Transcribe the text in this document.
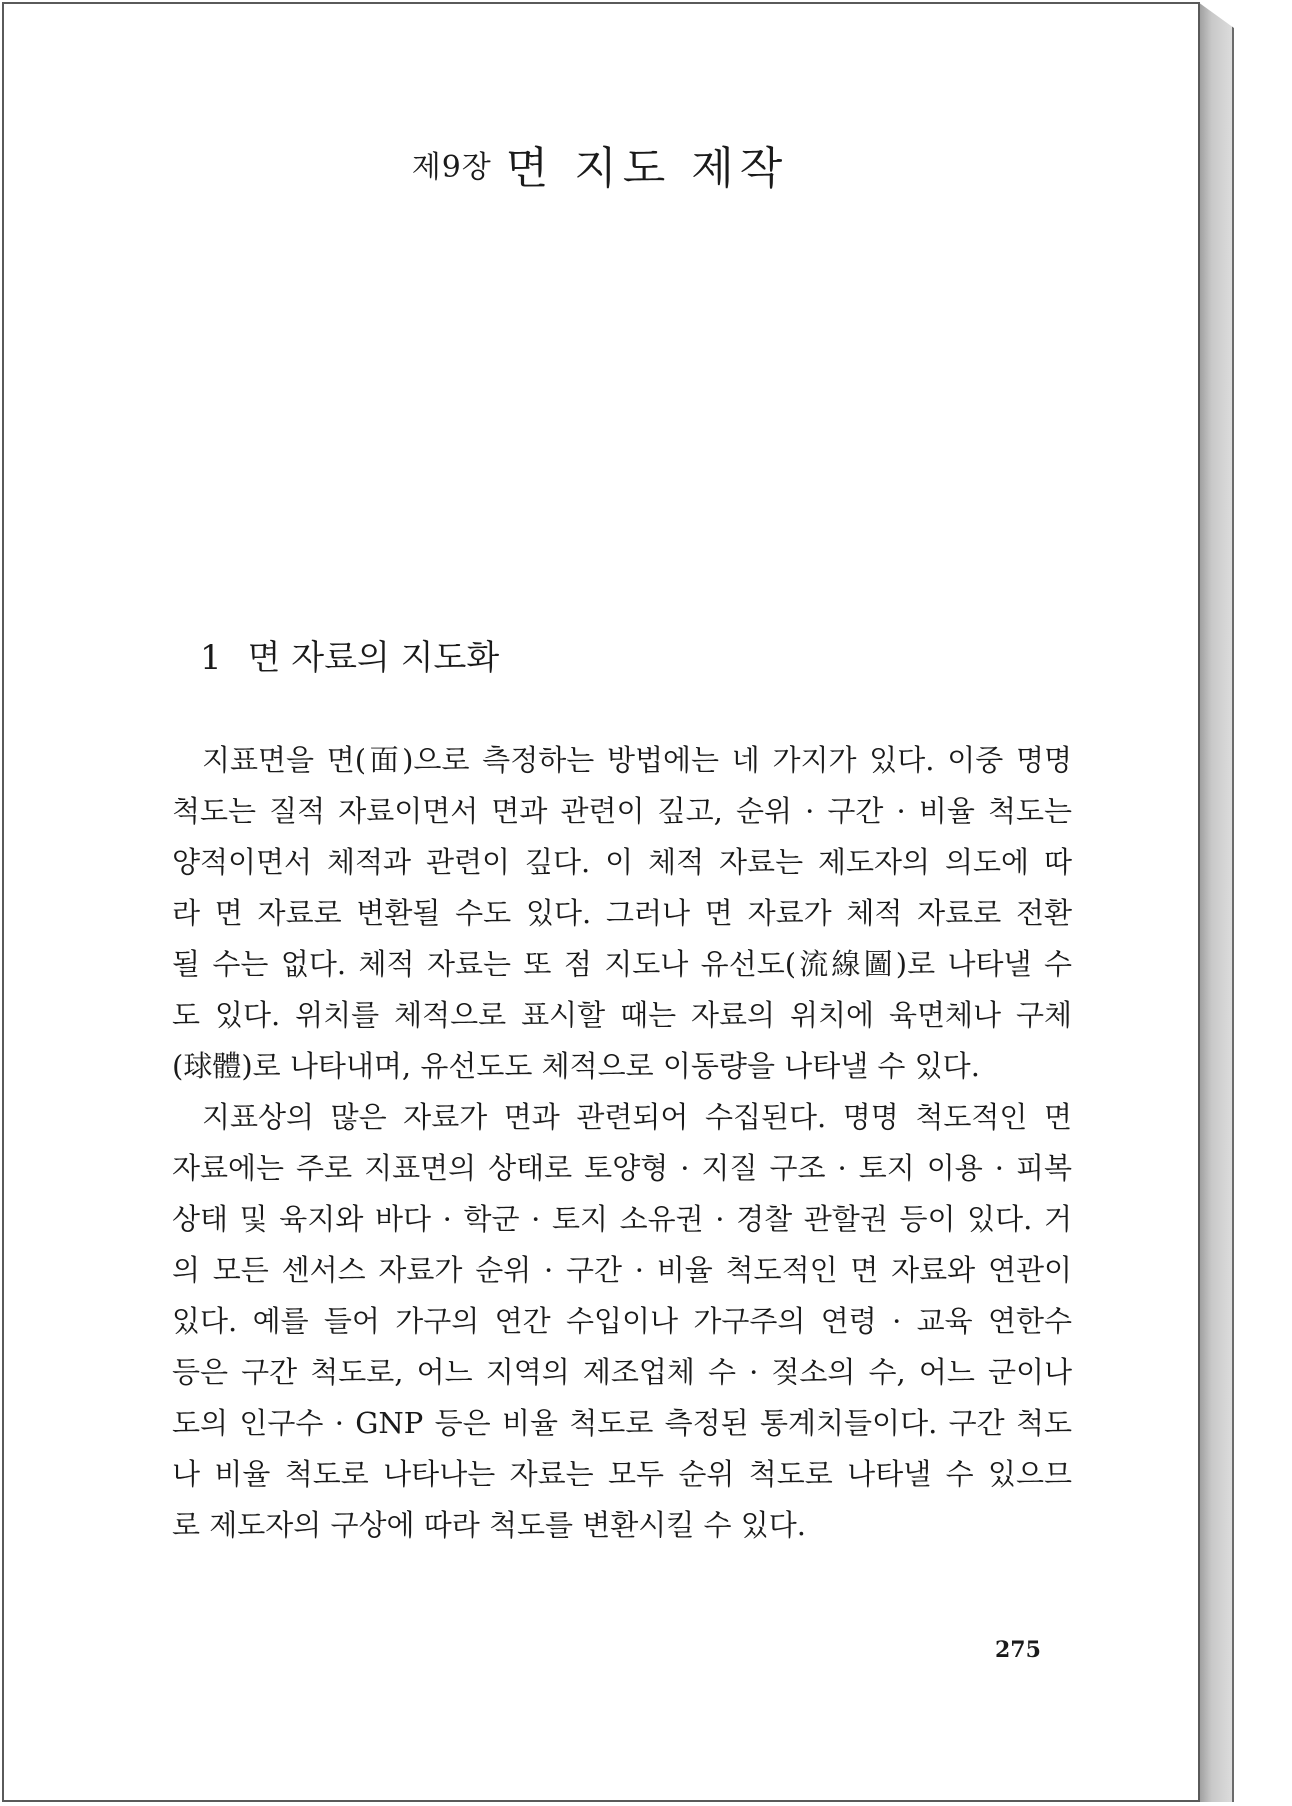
제9장 면 지도 제작
1 면 자료의 지도화
지표면을 면(面)으로 측정하는 방법에는 네 가지가 있다. 이중 명명
척도는 질적 자료이면서 면과 관련이 깊고, 순위 · 구간 · 비율 척도는
양적이면서 체적과 관련이 깊다. 이 체적 자료는 제도자의 의도에 따
라 면 자료로 변환될 수도 있다. 그러나 면 자료가 체적 자료로 전환
될 수는 없다. 체적 자료는 또 점 지도나 유선도(流線圖)로 나타낼 수
도 있다. 위치를 체적으로 표시할 때는 자료의 위치에 육면체나 구체
(球體)로 나타내며, 유선도도 체적으로 이동량을 나타낼 수 있다.
지표상의 많은 자료가 면과 관련되어 수집된다. 명명 척도적인 면
자료에는 주로 지표면의 상태로 토양형 · 지질 구조 · 토지 이용 · 피복
상태 및 육지와 바다 · 학군 · 토지 소유권 · 경찰 관할권 등이 있다. 거
의 모든 센서스 자료가 순위 · 구간 · 비율 척도적인 면 자료와 연관이
있다. 예를 들어 가구의 연간 수입이나 가구주의 연령 · 교육 연한수
등은 구간 척도로, 어느 지역의 제조업체 수 · 젖소의 수, 어느 군이나
도의 인구수 · GNP 등은 비율 척도로 측정된 통계치들이다. 구간 척도
나 비율 척도로 나타나는 자료는 모두 순위 척도로 나타낼 수 있으므
로 제도자의 구상에 따라 척도를 변환시킬 수 있다.
275
